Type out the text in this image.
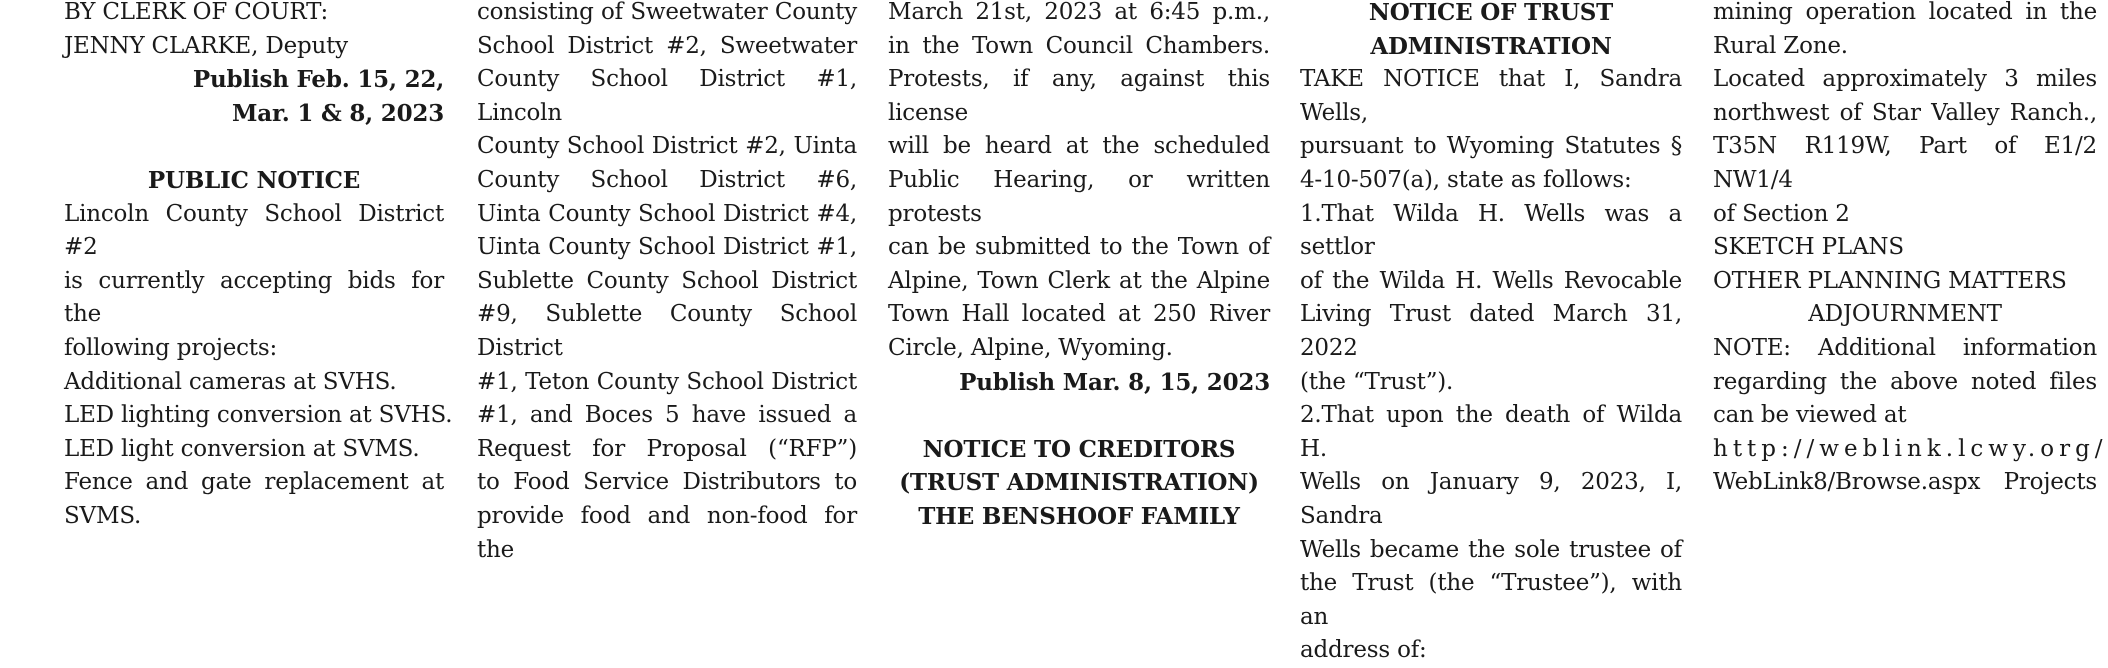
BY CLERK OF COURT:
JENNY CLARKE, Deputy
Publish Feb. 15, 22,
Mar. 1 & 8, 2023
PUBLIC NOTICE
Lincoln County School District #2
is currently accepting bids for the
following projects:
Additional cameras at SVHS.
LED lighting conversion at SVHS.
LED light conversion at SVMS.
Fence and gate replacement at
SVMS.
consisting of Sweetwater County
School District #2, Sweetwater
County School District #1, Lincoln
County School District #2, Uinta
County School District #6,
Uinta County School District #4,
Uinta County School District #1,
Sublette County School District
#9, Sublette County School District
#1, Teton County School District
#1, and Boces 5 have issued a
Request for Proposal (“RFP”)
to Food Service Distributors to
provide food and non-food for the
March 21st, 2023 at 6:45 p.m.,
in the Town Council Chambers.
Protests, if any, against this license
will be heard at the scheduled
Public Hearing, or written protests
can be submitted to the Town of
Alpine, Town Clerk at the Alpine
Town Hall located at 250 River
Circle, Alpine, Wyoming.
Publish Mar. 8, 15, 2023
NOTICE TO CREDITORS
(TRUST ADMINISTRATION)
THE BENSHOOF FAMILY
NOTICE OF TRUST
ADMINISTRATION
TAKE NOTICE that I, Sandra Wells,
pursuant to Wyoming Statutes §
4-10-507(a), state as follows:
1.That Wilda H. Wells was a settlor
of the Wilda H. Wells Revocable
Living Trust dated March 31, 2022
(the “Trust”).
2.That upon the death of Wilda H.
Wells on January 9, 2023, I, Sandra
Wells became the sole trustee of
the Trust (the “Trustee”), with an
address of:
mining operation located in the
Rural Zone.
Located approximately 3 miles
northwest of Star Valley Ranch.,
T35N R119W, Part of E1/2 NW1/4
of Section 2
SKETCH PLANS
OTHER PLANNING MATTERS
ADJOURNMENT
NOTE: Additional information
regarding the above noted files
can be viewed at
http://weblink.lcwy.org/
WebLink8/Browse.aspx Projects
